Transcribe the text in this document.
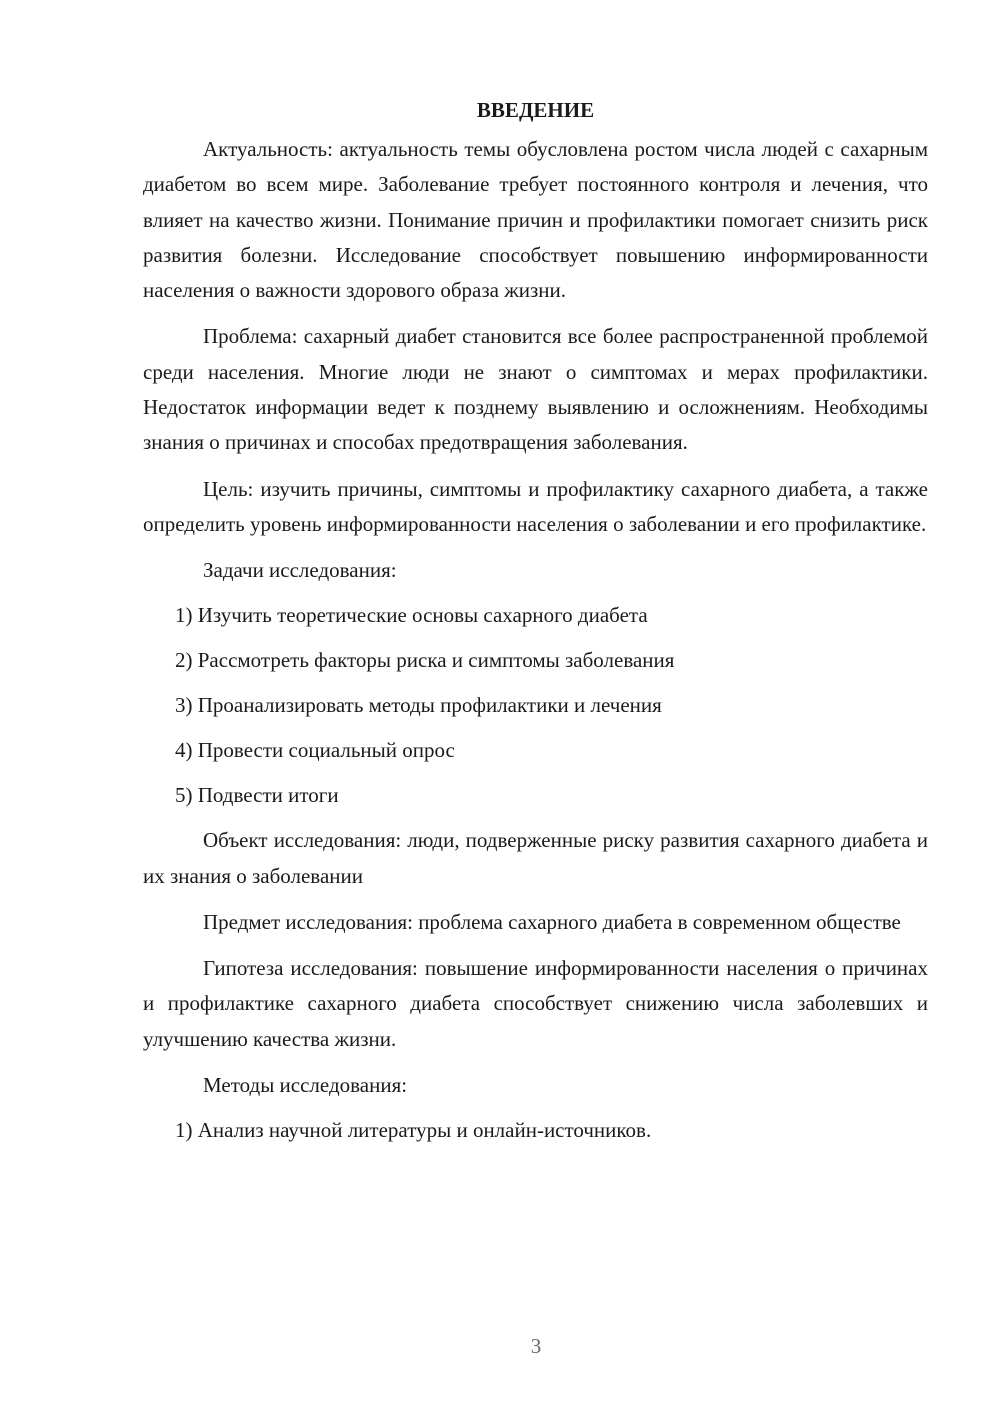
ВВЕДЕНИЕ

Актуальность: актуальность темы обусловлена ростом числа людей с сахарным диабетом во всем мире. Заболевание требует постоянного контроля и лечения, что влияет на качество жизни. Понимание причин и профилактики помогает снизить риск развития болезни. Исследование способствует повышению информированности населения о важности здорового образа жизни.

Проблема: сахарный диабет становится все более распространенной проблемой среди населения. Многие люди не знают о симптомах и мерах профилактики. Недостаток информации ведет к позднему выявлению и осложнениям. Необходимы знания о причинах и способах предотвращения заболевания.

Цель: изучить причины, симптомы и профилактику сахарного диабета, а также определить уровень информированности населения о заболевании и его профилактике.

Задачи исследования:

1) Изучить теоретические основы сахарного диабета

2) Рассмотреть факторы риска и симптомы заболевания

3) Проанализировать методы профилактики и лечения

4) Провести социальный опрос

5) Подвести итоги

Объект исследования: люди, подверженные риску развития сахарного диабета и их знания о заболевании

Предмет исследования: проблема сахарного диабета в современном обществе

Гипотеза исследования: повышение информированности населения о причинах и профилактике сахарного диабета способствует снижению числа заболевших и улучшению качества жизни.

Методы исследования:

1) Анализ научной литературы и онлайн-источников.

3
